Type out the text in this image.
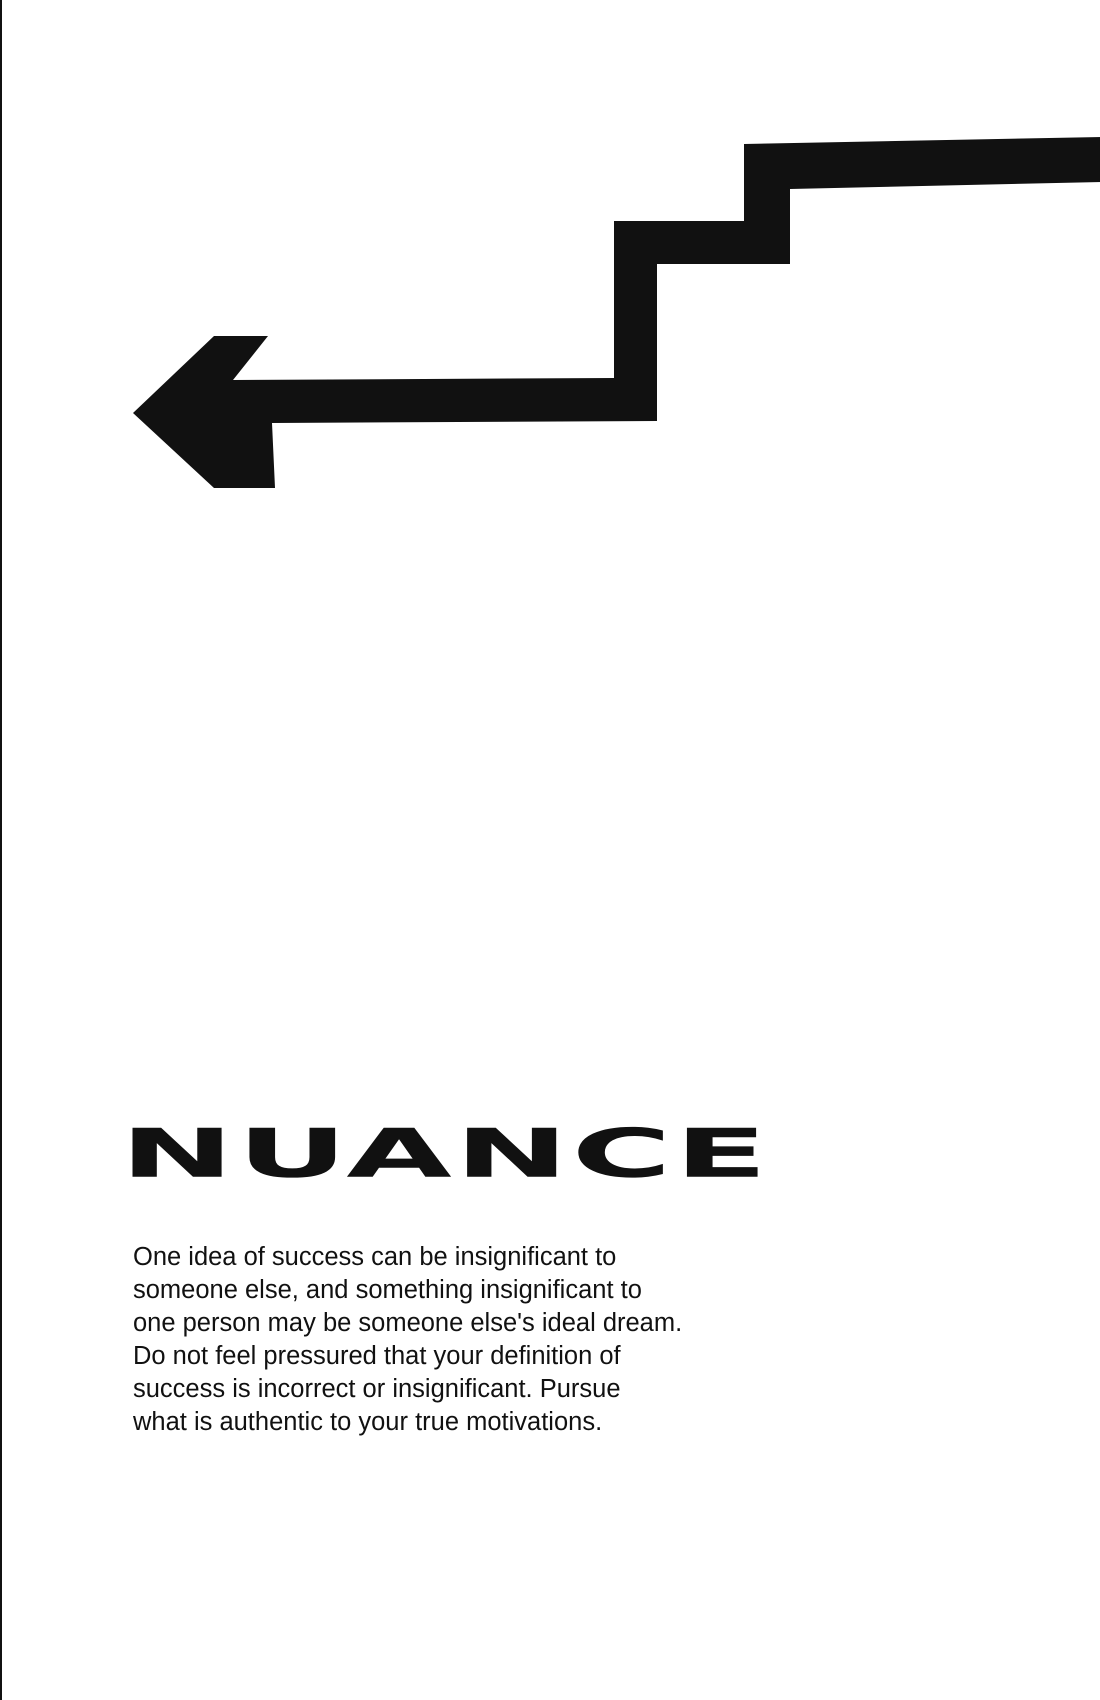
NUANCE

One idea of success can be insignificant to
someone else, and something insignificant to
one person may be someone else's ideal dream.
Do not feel pressured that your definition of
success is incorrect or insignificant. Pursue
what is authentic to your true motivations.
